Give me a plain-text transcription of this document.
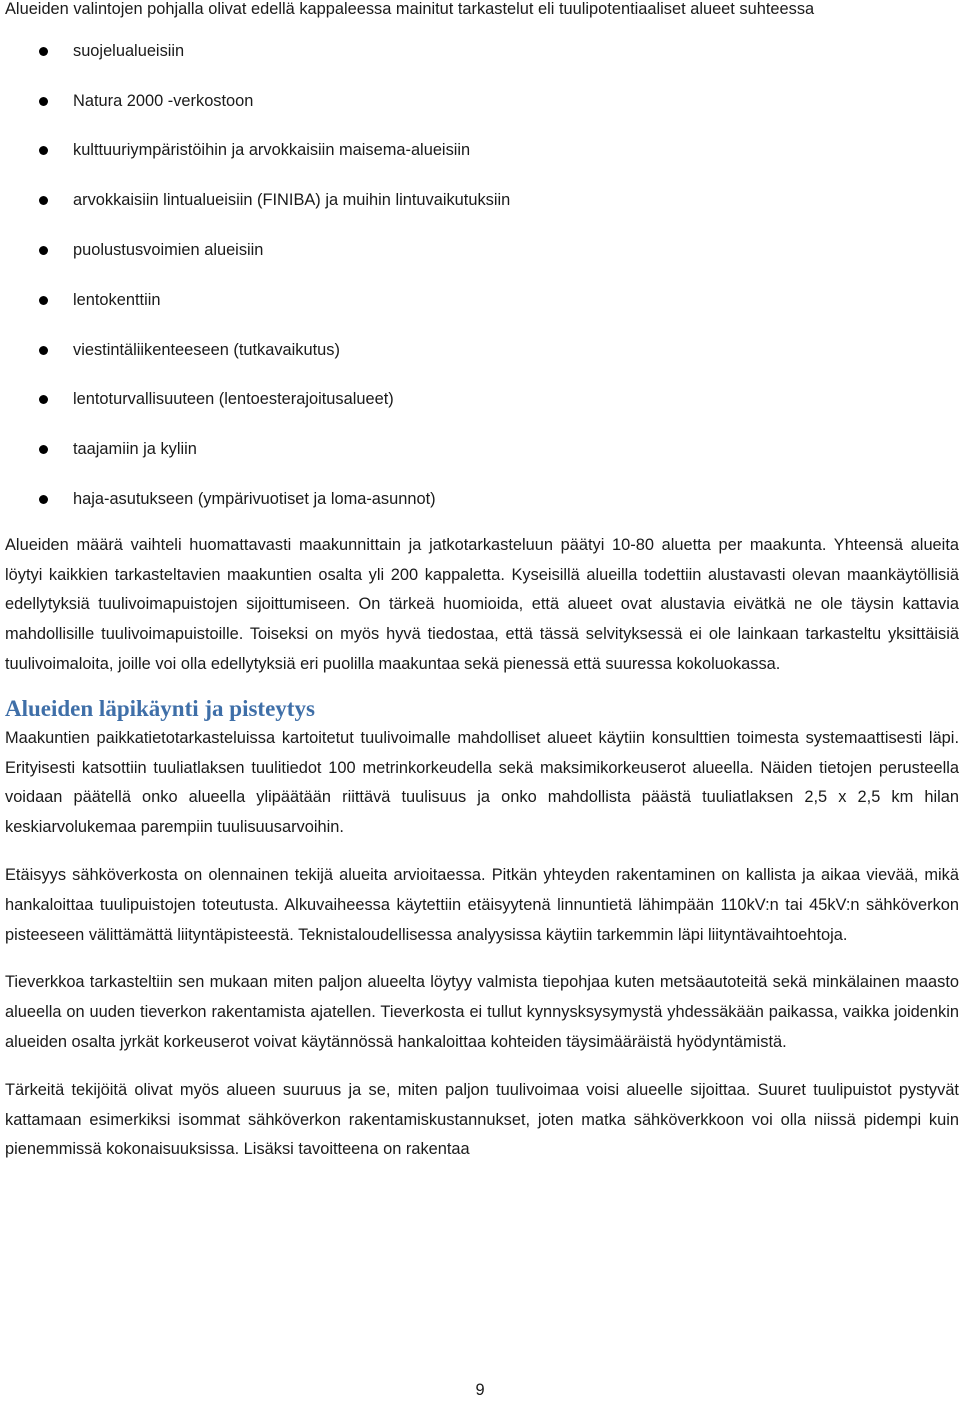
Alueiden valintojen pohjalla olivat edellä kappaleessa mainitut tarkastelut eli tuulipotentiaaliset alueet suhteessa

suojelualueisiin
Natura 2000 -verkostoon
kulttuuriympäristöihin ja arvokkaisiin maisema-alueisiin
arvokkaisiin lintualueisiin (FINIBA) ja muihin lintuvaikutuksiin
puolustusvoimien alueisiin
lentokenttiin
viestintäliikenteeseen (tutkavaikutus)
lentoturvallisuuteen (lentoesterajoitusalueet)
taajamiin ja kyliin
haja-asutukseen (ympärivuotiset ja loma-asunnot)

Alueiden määrä vaihteli huomattavasti maakunnittain ja jatkotarkasteluun päätyi 10-80 aluetta per maakunta. Yhteensä alueita löytyi kaikkien tarkasteltavien maakuntien osalta yli 200 kappaletta. Kyseisillä alueilla todettiin alustavasti olevan maankäytöllisiä edellytyksiä tuulivoimapuistojen sijoittumiseen. On tärkeä huomioida, että alueet ovat alustavia eivätkä ne ole täysin kattavia mahdollisille tuulivoimapuistoille. Toiseksi on myös hyvä tiedostaa, että tässä selvityksessä ei ole lainkaan tarkasteltu yksittäisiä tuulivoimaloita, joille voi olla edellytyksiä eri puolilla maakuntaa sekä pienessä että suuressa kokoluokassa.

Alueiden läpikäynti ja pisteytys

Maakuntien paikkatietotarkasteluissa kartoitetut tuulivoimalle mahdolliset alueet käytiin konsulttien toimesta systemaattisesti läpi. Erityisesti katsottiin tuuliatlaksen tuulitiedot 100 metrinkorkeudella sekä maksimikorkeuserot alueella. Näiden tietojen perusteella voidaan päätellä onko alueella ylipäätään riittävä tuulisuus ja onko mahdollista päästä tuuliatlaksen 2,5 x 2,5 km hilan keskiarvolukemaa parempiin tuulisuusarvoihin.

Etäisyys sähköverkosta on olennainen tekijä alueita arvioitaessa. Pitkän yhteyden rakentaminen on kallista ja aikaa vievää, mikä hankaloittaa tuulipuistojen toteutusta. Alkuvaiheessa käytettiin etäisyytenä linnuntietä lähimpään 110kV:n tai 45kV:n sähköverkon pisteeseen välittämättä liityntäpisteestä. Teknistaloudellisessa analyysissa käytiin tarkemmin läpi liityntävaihtoehtoja.

Tieverkkoa tarkasteltiin sen mukaan miten paljon alueelta löytyy valmista tiepohjaa kuten metsäautoteitä sekä minkälainen maasto alueella on uuden tieverkon rakentamista ajatellen. Tieverkosta ei tullut kynnysksysymystä yhdessäkään paikassa, vaikka joidenkin alueiden osalta jyrkät korkeuserot voivat käytännössä hankaloittaa kohteiden täysimääräistä hyödyntämistä.

Tärkeitä tekijöitä olivat myös alueen suuruus ja se, miten paljon tuulivoimaa voisi alueelle sijoittaa. Suuret tuulipuistot pystyvät kattamaan esimerkiksi isommat sähköverkon rakentamiskustannukset, joten matka sähköverkkoon voi olla niissä pidempi kuin pienemmissä kokonaisuuksissa. Lisäksi tavoitteena on rakentaa

9
